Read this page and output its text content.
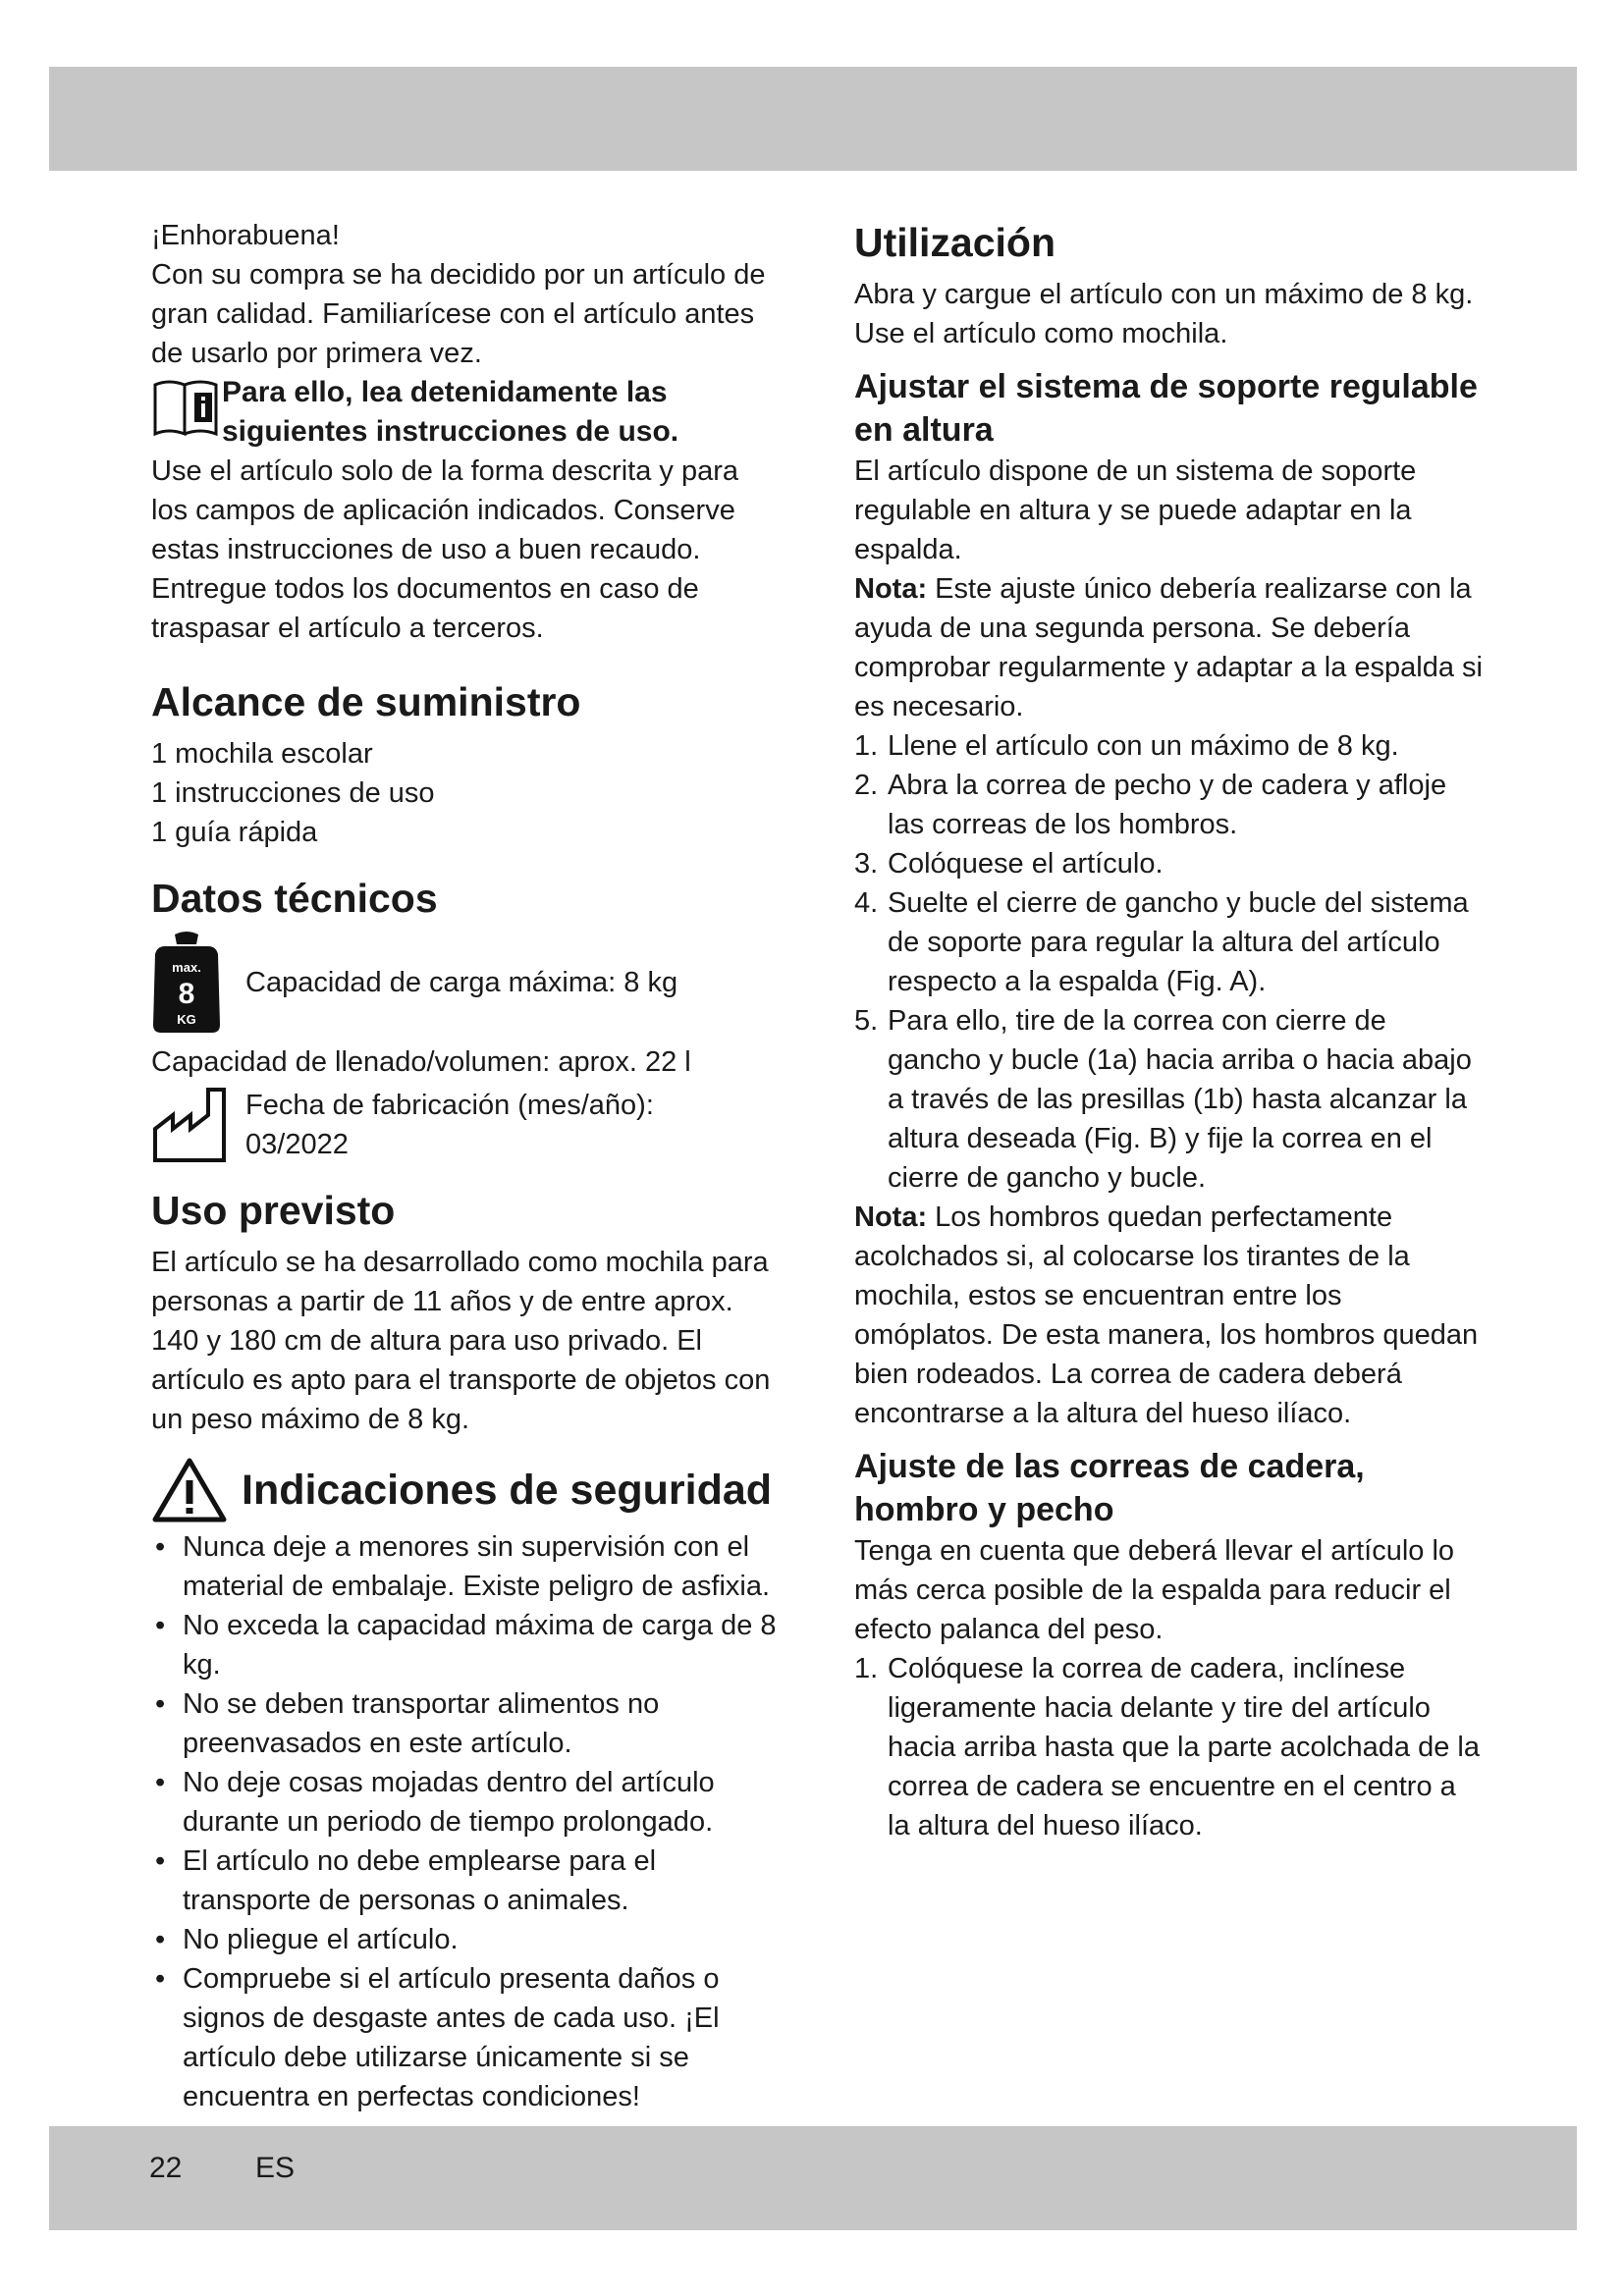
¡Enhorabuena!

Con su compra se ha decidido por un artículo de gran calidad. Familiarícese con el artículo antes de usarlo por primera vez.

Para ello, lea detenidamente las
siguientes instrucciones de uso.

Use el artículo solo de la forma descrita y para los campos de aplicación indicados. Conserve estas instrucciones de uso a buen recaudo. Entregue todos los documentos en caso de traspasar el artículo a terceros.

Alcance de suministro

1 mochila escolar

1 instrucciones de uso

1 guía rápida

Datos técnicos
max.
8
KG
Capacidad de carga máxima: 8 kg

Capacidad de llenado/volumen: aprox. 22 l

Fecha de fabricación (mes/año):
03/2022
Uso previsto

El artículo se ha desarrollado como mochila para personas a partir de 11 años y de entre aprox. 140 y 180 cm de altura para uso privado. El artículo es apto para el transporte de objetos con un peso máximo de 8 kg.

Indicaciones de seguridad
• Nunca deje a menores sin supervisión con el material de embalaje. Existe peligro de asfixia.
• No exceda la capacidad máxima de carga de 8 kg.
• No se deben transportar alimentos no preenvasados en este artículo.
• No deje cosas mojadas dentro del artículo durante un periodo de tiempo prolongado.
• El artículo no debe emplearse para el transporte de personas o animales.
• No pliegue el artículo.
• Compruebe si el artículo presenta daños o signos de desgaste antes de cada uso. ¡El artículo debe utilizarse únicamente si se encuentra en perfectas condiciones!
Utilización

Abra y cargue el artículo con un máximo de 8 kg. Use el artículo como mochila.

Ajustar el sistema de soporte regulable en altura

El artículo dispone de un sistema de soporte regulable en altura y se puede adaptar en la espalda.

Nota: Este ajuste único debería realizarse con la ayuda de una segunda persona. Se debería comprobar regularmente y adaptar a la espalda si es necesario.

1. Llene el artículo con un máximo de 8 kg.
2. Abra la correa de pecho y de cadera y afloje las correas de los hombros.
3. Colóquese el artículo.
4. Suelte el cierre de gancho y bucle del sistema de soporte para regular la altura del artículo respecto a la espalda (Fig. A).
5. Para ello, tire de la correa con cierre de gancho y bucle (1a) hacia arriba o hacia abajo a través de las presillas (1b) hasta alcanzar la altura deseada (Fig. B) y fije la correa en el cierre de gancho y bucle.

Nota: Los hombros quedan perfectamente acolchados si, al colocarse los tirantes de la mochila, estos se encuentran entre los omóplatos. De esta manera, los hombros quedan bien rodeados. La correa de cadera deberá encontrarse a la altura del hueso ilíaco.

Ajuste de las correas de cadera, hombro y pecho

Tenga en cuenta que deberá llevar el artículo lo más cerca posible de la espalda para reducir el efecto palanca del peso.

1. Colóquese la correa de cadera, inclínese ligeramente hacia delante y tire del artículo hacia arriba hasta que la parte acolchada de la correa de cadera se encuentre en el centro a la altura del hueso ilíaco.
22 ES
